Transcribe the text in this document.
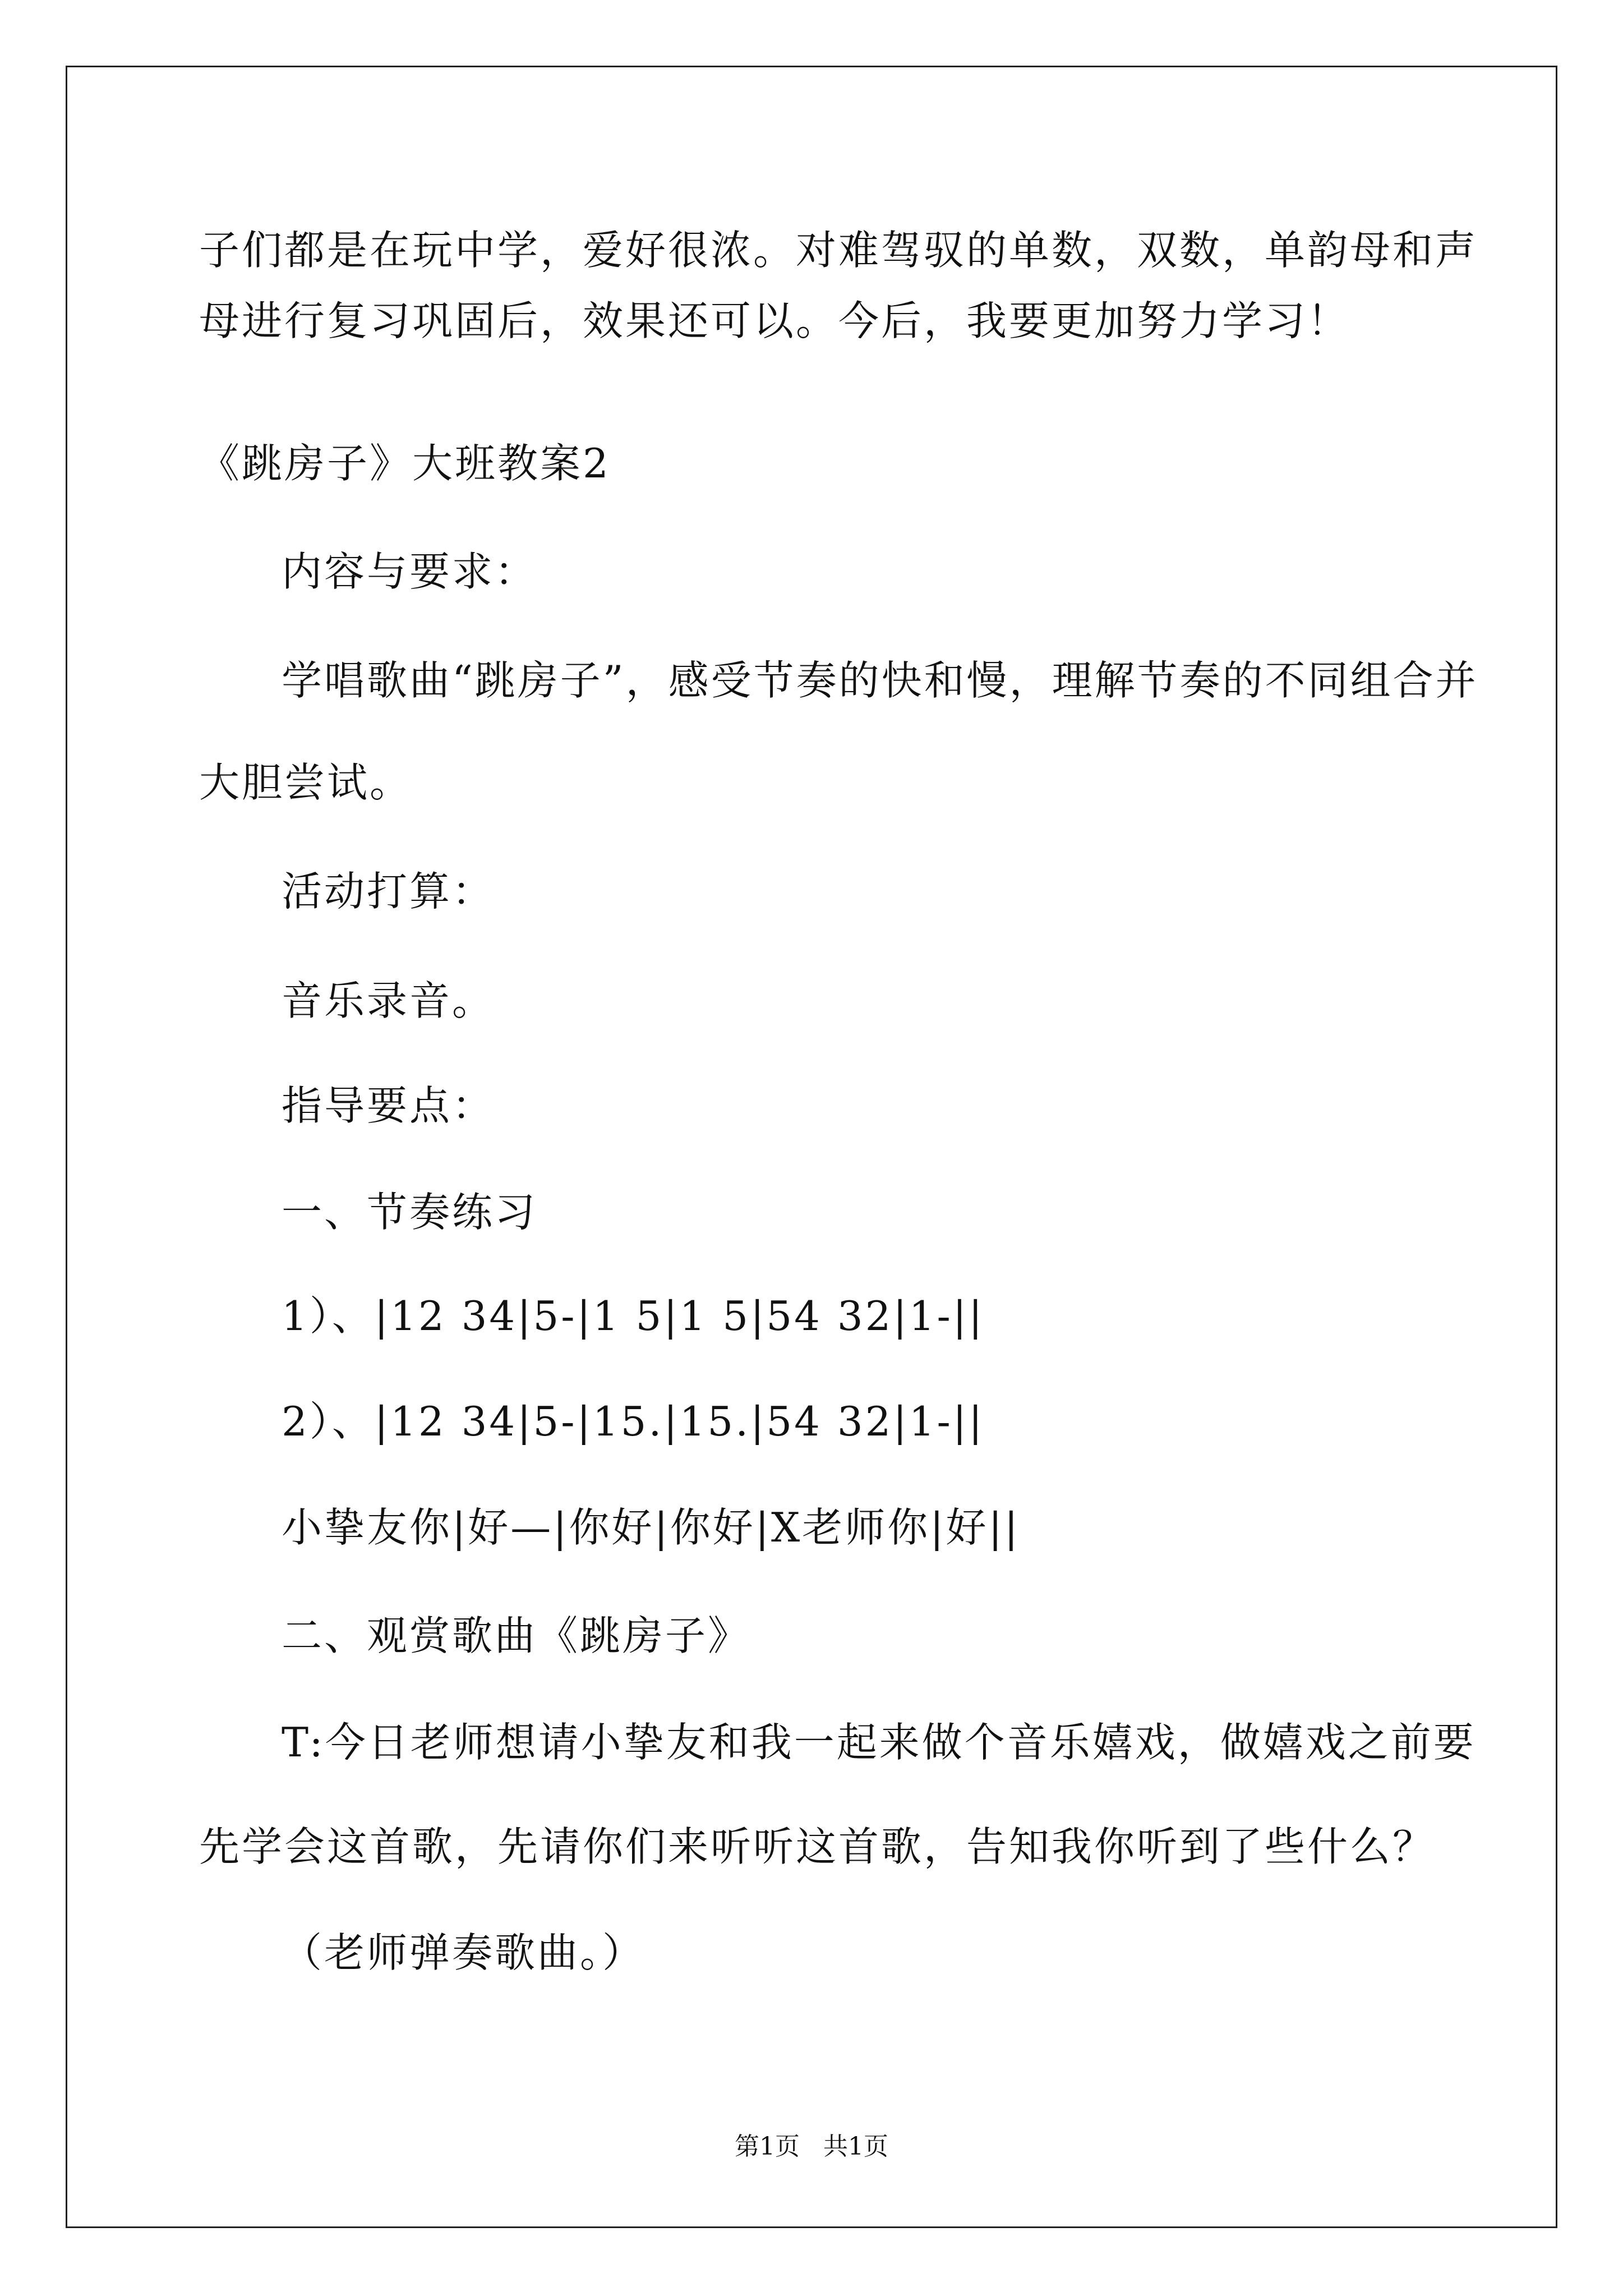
子们都是在玩中学，爱好很浓。对难驾驭的单数，双数，单韵母和声
母进行复习巩固后，效果还可以。今后，我要更加努力学习！
《跳房子》大班教案2
内容与要求：
学唱歌曲“跳房子”，感受节奏的快和慢，理解节奏的不同组合并
大胆尝试。
活动打算：
音乐录音。
指导要点：
一、节奏练习
1）、|12 34|5-|1 5|1 5|54 32|1-||
2）、|12 34|5-|15.|15.|54 32|1-||
小挚友你|好—|你好|你好|X老师你|好||
二、观赏歌曲《跳房子》
T:今日老师想请小挚友和我一起来做个音乐嬉戏，做嬉戏之前要
先学会这首歌，先请你们来听听这首歌，告知我你听到了些什么？
（老师弹奏歌曲。）
第1页   共1页
